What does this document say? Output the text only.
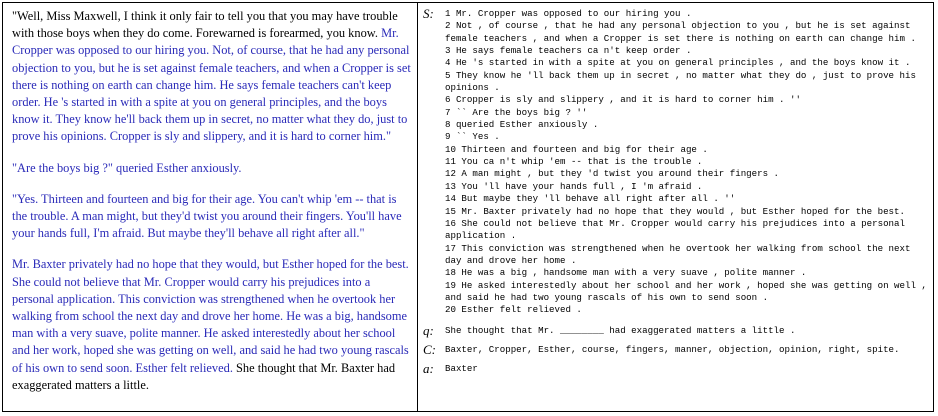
"Well, Miss Maxwell, I think it only fair to tell you that you may have trouble with those boys when they do come. Forewarned is forearmed, you know. Mr. Cropper was opposed to our hiring you. Not, of course, that he had any personal objection to you, but he is set against female teachers, and when a Cropper is set there is nothing on earth can change him. He says female teachers can't keep order. He 's started in with a spite at you on general principles, and the boys know it. They know he'll back them up in secret, no matter what they do, just to prove his opinions. Cropper is sly and slippery, and it is hard to corner him."

"Are the boys big ?" queried Esther anxiously.

"Yes. Thirteen and fourteen and big for their age. You can't whip 'em -- that is the trouble. A man might, but they'd twist you around their fingers. You'll have your hands full, I'm afraid. But maybe they'll behave all right after all."

Mr. Baxter privately had no hope that they would, but Esther hoped for the best. She could not believe that Mr. Cropper would carry his prejudices into a personal application. This conviction was strengthened when he overtook her walking from school the next day and drove her home. He was a big, handsome man with a very suave, polite manner. He asked interestedly about her school and her work, hoped she was getting on well, and said he had two young rascals of his own to send soon. Esther felt relieved. She thought that Mr. Baxter had exaggerated matters a little.

S:	1 Mr. Cropper was opposed to our hiring you .
2 Not , of course , that he had any personal objection to you , but he is set against female teachers , and when a Cropper is set there is nothing on earth can change him .
3 He says female teachers ca n't keep order .
4 He 's started in with a spite at you on general principles , and the boys know it .
5 They know he 'll back them up in secret , no matter what they do , just to prove his opinions .
6 Cropper is sly and slippery , and it is hard to corner him . ''
7 `` Are the boys big ? ''
8 queried Esther anxiously .
9 `` Yes .
10 Thirteen and fourteen and big for their age .
11 You ca n't whip 'em -- that is the trouble .
12 A man might , but they 'd twist you around their fingers .
13 You 'll have your hands full , I 'm afraid .
14 But maybe they 'll behave all right after all . ''
15 Mr. Baxter privately had no hope that they would , but Esther hoped for the best.
16 She could not believe that Mr. Cropper would carry his prejudices into a personal application .
17 This conviction was strengthened when he overtook her walking from school the next day and drove her home .
18 He was a big , handsome man with a very suave , polite manner .
19 He asked interestedly about her school and her work , hoped she was getting on well , and said he had two young rascals of his own to send soon .
20 Esther felt relieved .
q:	She thought that Mr. ________ had exaggerated matters a little .
C: Baxter, Cropper, Esther, course, fingers, manner, objection, opinion, right, spite.
a:	Baxter
